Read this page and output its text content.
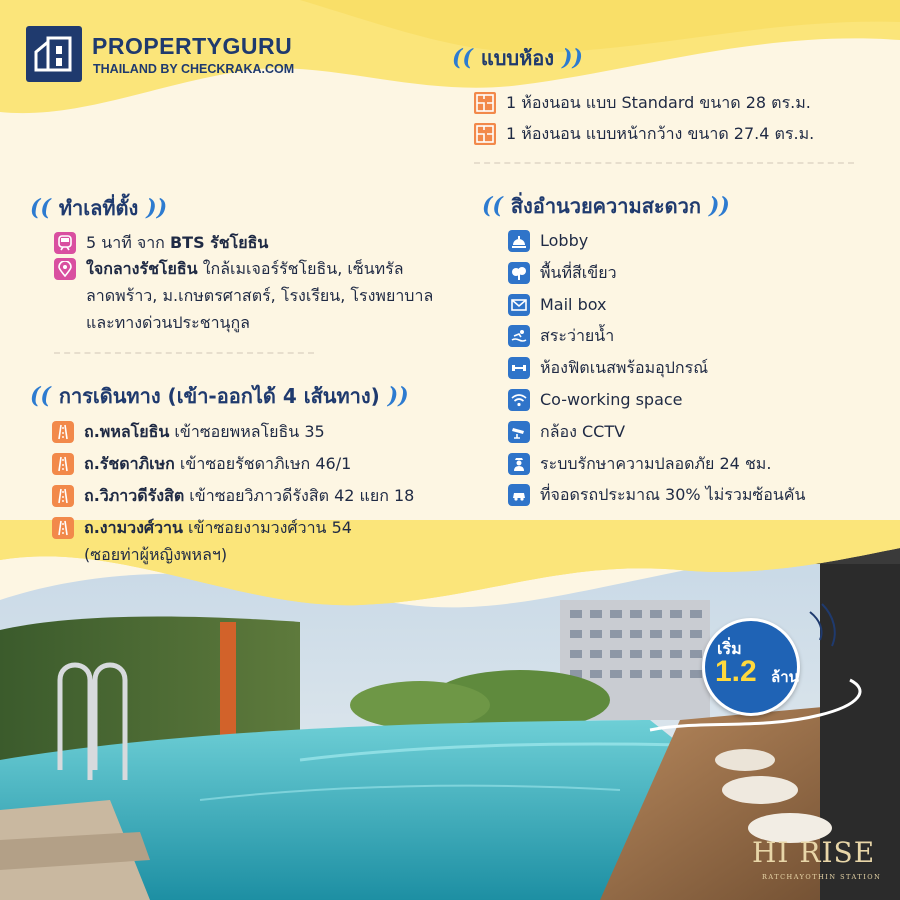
PROPERTYGURU
THAILAND BY CHECKRAKA.COM	(( แบบห้อง ))
1 ห้องนอน แบบ Standard ขนาด 28 ตร.ม.
1 ห้องนอน แบบหน้ากว้าง ขนาด 27.4 ตร.ม.
(( ทำเลที่ตั้ง ))
5 นาที จาก BTS รัชโยธิน
ใจกลางรัชโยธิน ใกล้เมเจอร์รัชโยธิน, เซ็นทรัล ลาดพร้าว, ม.เกษตรศาสตร์, โรงเรียน, โรงพยาบาล และทางด่วนประชานุกูล
(( การเดินทาง (เข้า-ออกได้ 4 เส้นทาง) ))
ถ.พหลโยธิน เข้าซอยพหลโยธิน 35
ถ.รัชดาภิเษก เข้าซอยรัชดาภิเษก 46/1
ถ.วิภาวดีรังสิต เข้าซอยวิภาวดีรังสิต 42 แยก 18
ถ.งามวงศ์วาน เข้าซอยงามวงศ์วาน 54 (ซอยท่าผู้หญิงพหลฯ)
(( สิ่งอำนวยความสะดวก ))
Lobby
พื้นที่สีเขียว
Mail box
สระว่ายน้ำ
ห้องฟิตเนสพร้อมอุปกรณ์
Co-working space
กล้อง CCTV
ระบบรักษาความปลอดภัย 24 ชม.
ที่จอดรถประมาณ 30% ไม่รวมซ้อนคัน
เริ่ม
1.2 ล้าน
HI RISE
RATCHAYOTHIN STATION
